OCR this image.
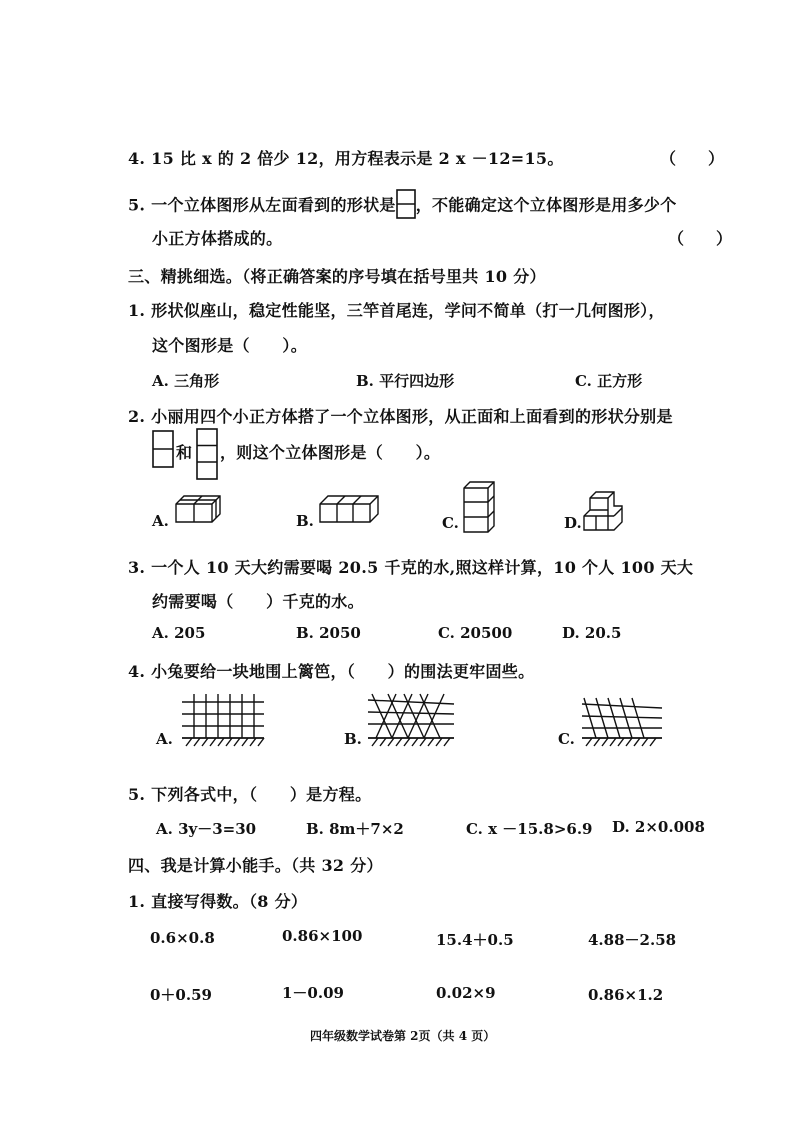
4. 15 比 x 的 2 倍少 12，用方程表示是 2 x －12=15。	（　　）
5. 一个立体图形从左面看到的形状是 ，不能确定这个立体图形是用多少个
小正方体搭成的。	（　　）
三、精挑细选。（将正确答案的序号填在括号里共 10 分）
1. 形状似座山，稳定性能坚，三竿首尾连，学问不简单（打一几何图形），
这个图形是（　　）。
A. 三角形	B. 平行四边形	C. 正方形
2. 小丽用四个小正方体搭了一个立体图形，从正面和上面看到的形状分别是
和 ，则这个立体图形是（　　）。
A.	B.	C.	D.
3. 一个人 10 天大约需要喝 20.5 千克的水,照这样计算，10 个人 100 天大
约需要喝（　　）千克的水。
A. 205	B. 2050	C. 20500	D. 20.5
4. 小兔要给一块地围上篱笆，（　　）的围法更牢固些。
A.	B.	C.
5. 下列各式中，（　　）是方程。
A. 3y－3=30	B. 8m＋7×2	C. x －15.8>6.9 D. 2×0.008
四、我是计算小能手。（共 32 分）
1. 直接写得数。（8 分）
0.6×0.8	0.86×100	15.4＋0.5	4.88－2.58
0＋0.59	1－0.09	0.02×9	0.86×1.2
四年级数学试卷第 2页（共 4 页）
